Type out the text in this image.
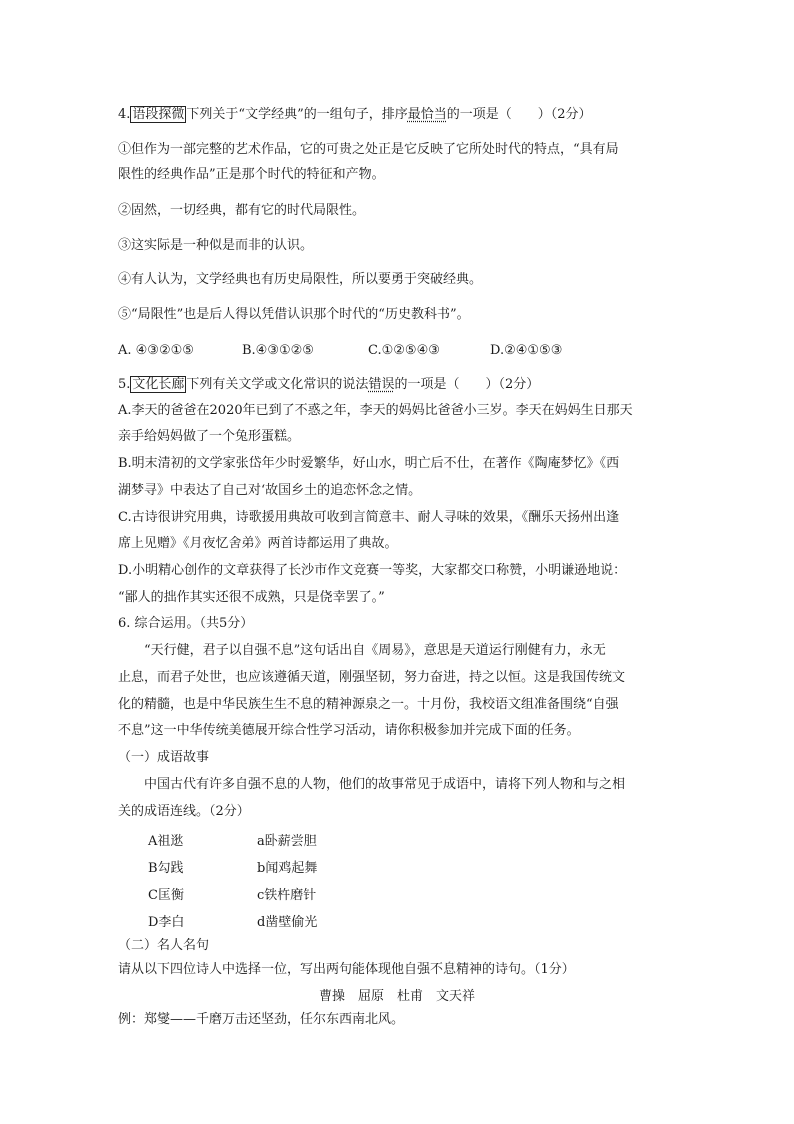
4. 语段探微 下列关于“文学经典”的一组句子，排序最恰当的一项是（　　）（2分）
①但作为一部完整的艺术作品，它的可贵之处正是它反映了它所处时代的特点，“具有局
限性的经典作品”正是那个时代的特征和产物。
②固然，一切经典，都有它的时代局限性。
③这实际是一种似是而非的认识。
④有人认为，文学经典也有历史局限性，所以要勇于突破经典。
⑤“局限性”也是后人得以凭借认识那个时代的“历史教科书”。
A. ④③②①⑤	B.④③①②⑤	C.①②⑤④③	D.②④①⑤③
5. 文化长廊 下列有关文学或文化常识的说法错误的一项是（　　）（2分）
A.李天的爸爸在2020年已到了不惑之年，李天的妈妈比爸爸小三岁。李天在妈妈生日那天
亲手给妈妈做了一个兔形蛋糕。
B.明末清初的文学家张岱年少时爱繁华，好山水，明亡后不仕，在著作《陶庵梦忆》《西
湖梦寻》中表达了自己对‘故国乡土的追恋怀念之情。
C.古诗很讲究用典，诗歌援用典故可收到言简意丰、耐人寻味的效果，《酬乐天扬州出逢
席上见赠》《月夜忆舍弟》两首诗都运用了典故。
D.小明精心创作的文章获得了长沙市作文竞赛一等奖，大家都交口称赞，小明谦逊地说：
“鄙人的拙作其实还很不成熟，只是侥幸罢了。”
6. 综合运用。（共5分）
“天行健，君子以自强不息”这句话出自《周易》，意思是天道运行刚健有力，永无
止息，而君子处世，也应该遵循天道，刚强坚韧，努力奋进，持之以恒。这是我国传统文
化的精髓，也是中华民族生生不息的精神源泉之一。十月份，我校语文组准备围绕“自强
不息”这一中华传统美德展开综合性学习活动，请你积极参加并完成下面的任务。
（一）成语故事
中国古代有许多自强不息的人物，他们的故事常见于成语中，请将下列人物和与之相
关的成语连线。（2分）
A祖逖	a卧薪尝胆
B勾践	b闻鸡起舞
C匡衡	c铁杵磨针
D李白	d凿壁偷光
（二）名人名句
请从以下四位诗人中选择一位，写出两句能体现他自强不息精神的诗句。（1分）
曹操　屈原　杜甫　文天祥
例：郑燮——千磨万击还坚劲，任尔东西南北风。
